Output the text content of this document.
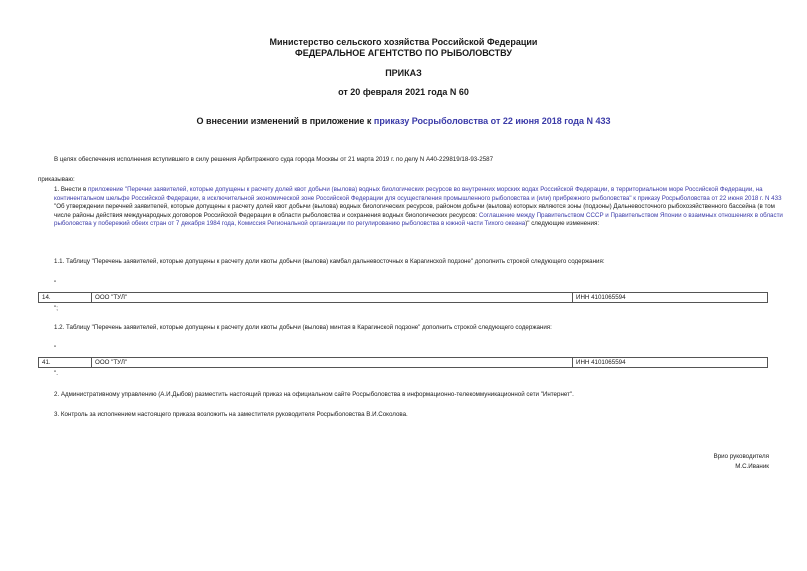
Министерство сельского хозяйства Российской Федерации
ФЕДЕРАЛЬНОЕ АГЕНТСТВО ПО РЫБОЛОВСТВУ
ПРИКАЗ
от 20 февраля 2021 года N 60
О внесении изменений в приложение к приказу Росрыболовства от 22 июня 2018 года N 433
В целях обеспечения исполнения вступившего в силу решения Арбитражного суда города Москвы от 21 марта 2019 г. по делу N А40-229819/18-93-2587
приказываю:
1. Внести в приложение "Перечни заявителей, которые допущены к расчету долей квот добычи (вылова) водных биологических ресурсов во внутренних морских водах Российской Федерации, в территориальном море Российской Федерации, на континентальном шельфе Российской Федерации, в исключительной экономической зоне Российской Федерации для осуществления промышленного рыболовства и (или) прибрежного рыболовства" к приказу Росрыболовства от 22 июня 2018 г. N 433 "Об утверждении перечней заявителей, которые допущены к расчету долей квот добычи (вылова) водных биологических ресурсов, районом добычи (вылова) которых являются зоны (подзоны) Дальневосточного рыбохозяйственного бассейна (в том числе районы действия международных договоров Российской Федерации в области рыболовства и сохранения водных биологических ресурсов: Соглашение между Правительством СССР и Правительством Японии о взаимных отношениях в области рыболовства у побережий обеих стран от 7 декабря 1984 года, Комиссия Региональной организации по регулированию рыболовства в южной части Тихого океана)" следующие изменения:
1.1. Таблицу "Перечень заявителей, которые допущены к расчету доли квоты добычи (вылова) камбал дальневосточных в Карагинской подзоне" дополнить строкой следующего содержания:
"
14.	ООО "ТУЛ"	ИНН 4101065594
";
1.2. Таблицу "Перечень заявителей, которые допущены к расчету доли квоты добычи (вылова) минтая в Карагинской подзоне" дополнить строкой следующего содержания:
"
41.	ООО "ТУЛ"	ИНН 4101065594
".
2. Административному управлению (А.И.Дыбов) разместить настоящий приказ на официальном сайте Росрыболовства в информационно-телекоммуникационной сети "Интернет".
3. Контроль за исполнением настоящего приказа возложить на заместителя руководителя Росрыболовства В.И.Соколова.
Врио руководителя
М.С.Иваник
